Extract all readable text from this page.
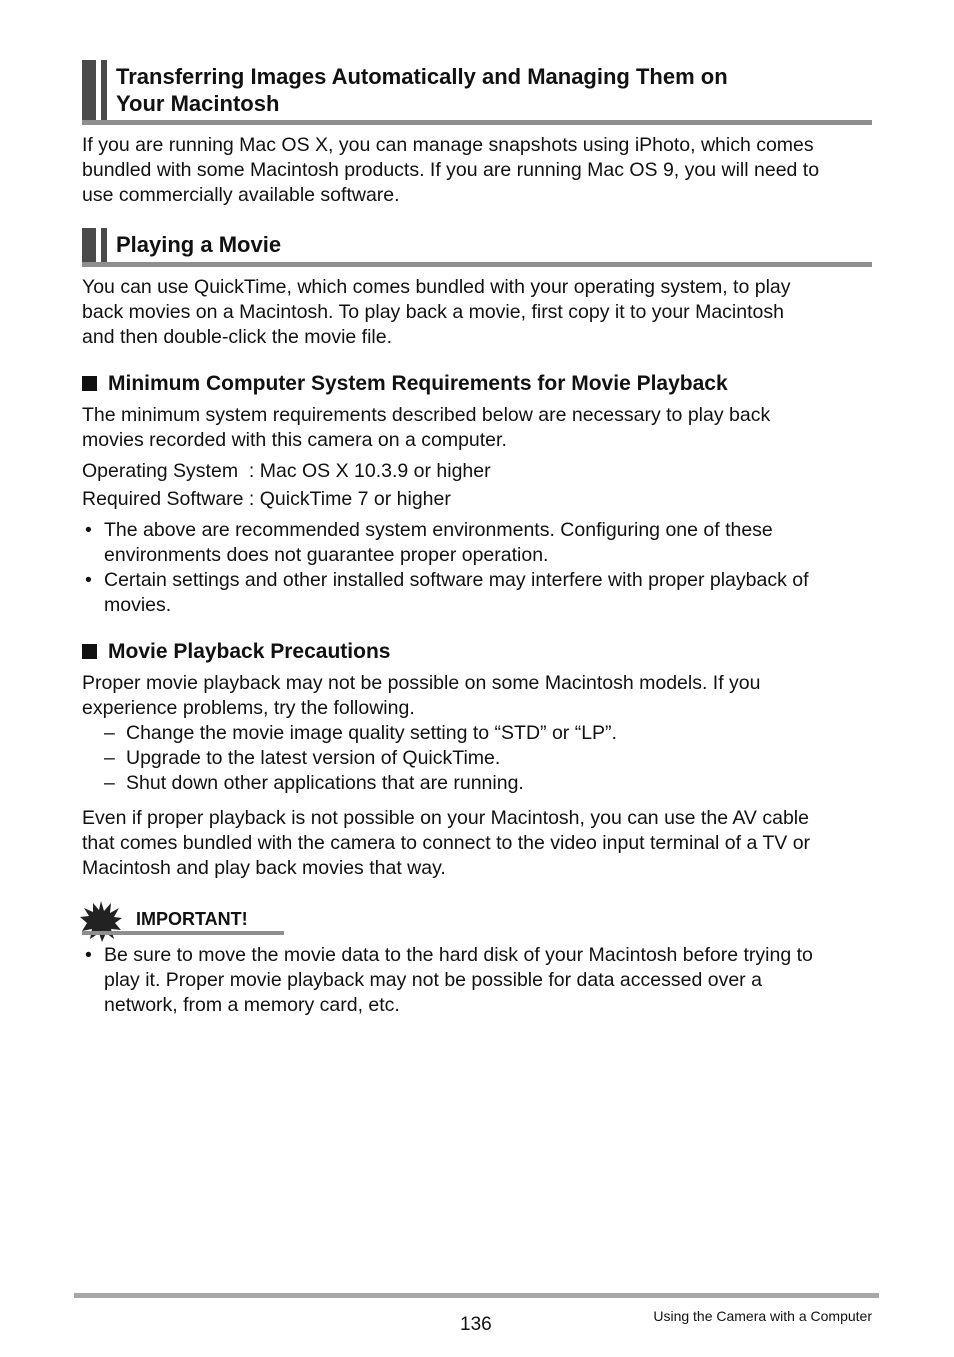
Transferring Images Automatically and Managing Them on
Your Macintosh
If you are running Mac OS X, you can manage snapshots using iPhoto, which comes
bundled with some Macintosh products. If you are running Mac OS 9, you will need to
use commercially available software.
Playing a Movie
You can use QuickTime, which comes bundled with your operating system, to play
back movies on a Macintosh. To play back a movie, first copy it to your Macintosh
and then double-click the movie file.
Minimum Computer System Requirements for Movie Playback
The minimum system requirements described below are necessary to play back
movies recorded with this camera on a computer.
Operating System  : Mac OS X 10.3.9 or higher
Required Software : QuickTime 7 or higher
• The above are recommended system environments. Configuring one of these
environments does not guarantee proper operation.
• Certain settings and other installed software may interfere with proper playback of
movies.
Movie Playback Precautions
Proper movie playback may not be possible on some Macintosh models. If you
experience problems, try the following.
– Change the movie image quality setting to “STD” or “LP”.
– Upgrade to the latest version of QuickTime.
– Shut down other applications that are running.
Even if proper playback is not possible on your Macintosh, you can use the AV cable
that comes bundled with the camera to connect to the video input terminal of a TV or
Macintosh and play back movies that way.
IMPORTANT!
• Be sure to move the movie data to the hard disk of your Macintosh before trying to
play it. Proper movie playback may not be possible for data accessed over a
network, from a memory card, etc.
136	Using the Camera with a Computer
